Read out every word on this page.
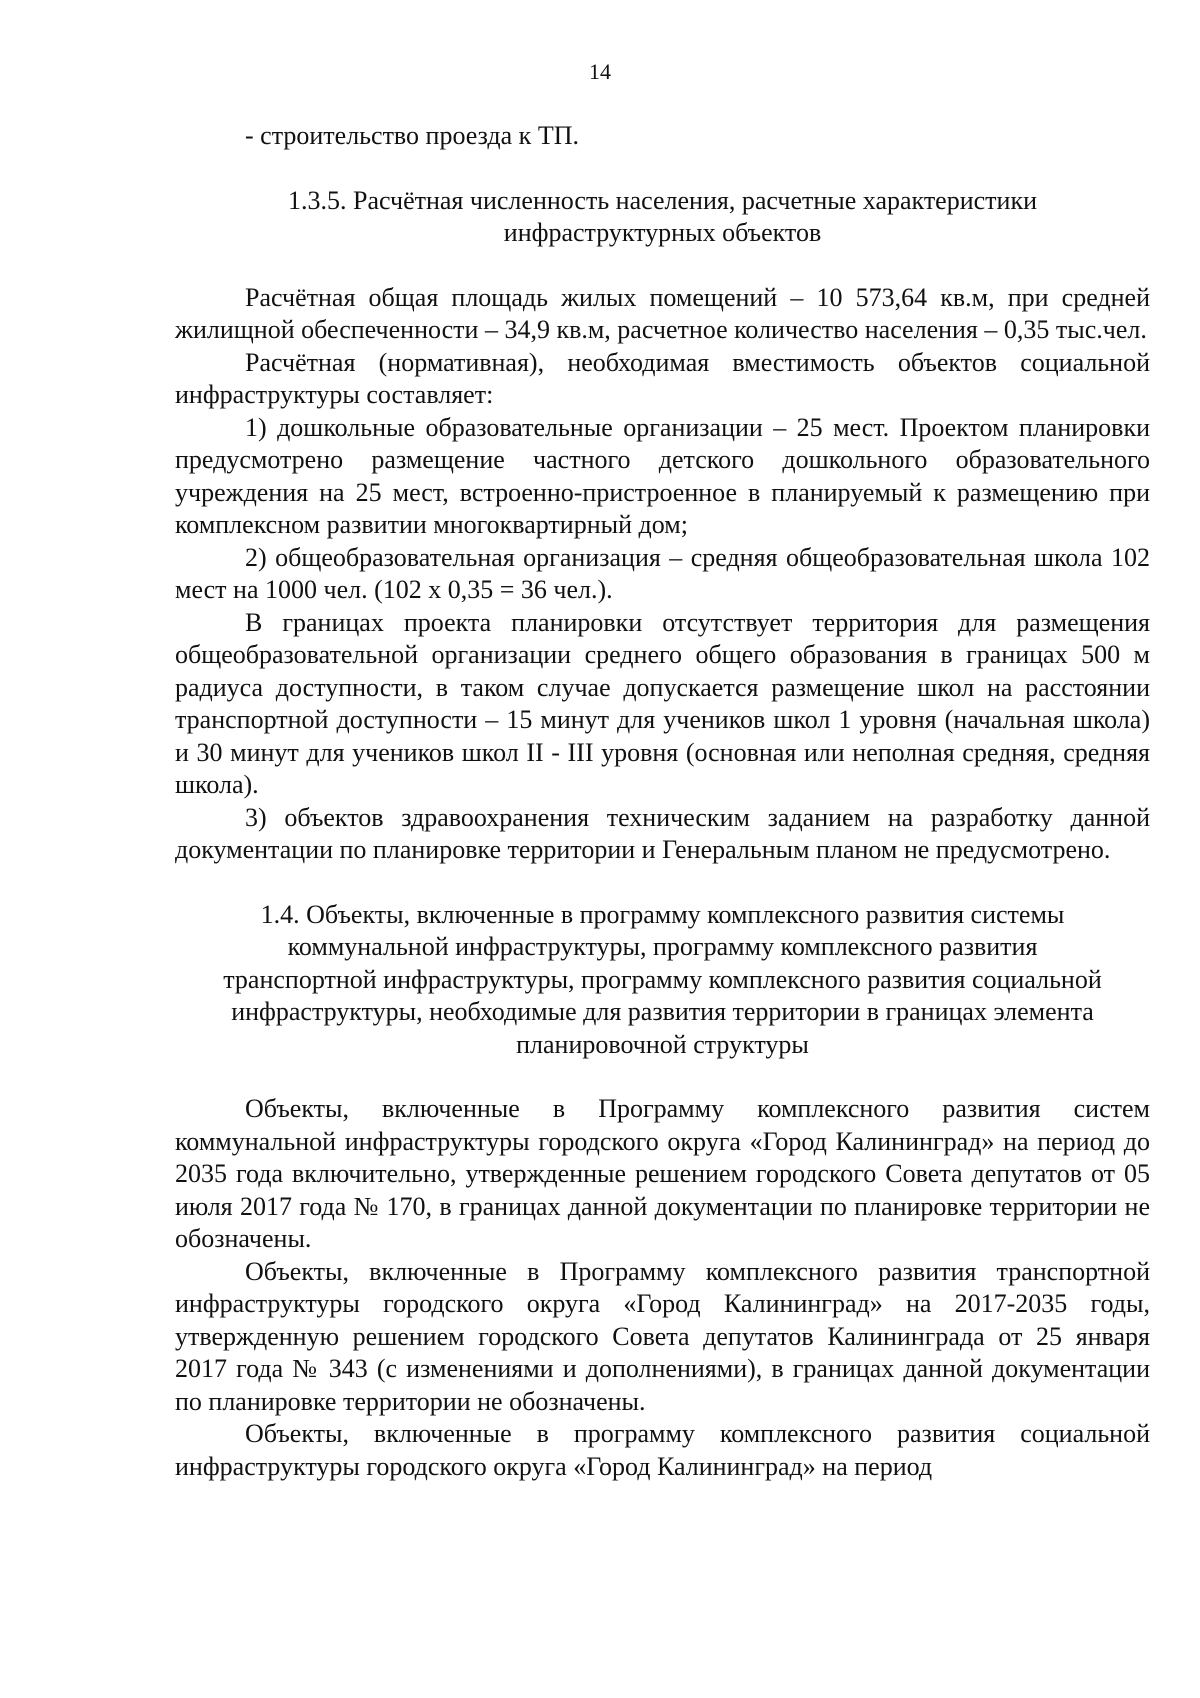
14

- строительство проезда к ТП.

1.3.5. Расчётная численность населения, расчетные характеристики

инфраструктурных объектов

Расчётная общая площадь жилых помещений – 10 573,64 кв.м, при средней жилищной обеспеченности – 34,9 кв.м, расчетное количество населения – 0,35 тыс.чел.

Расчётная (нормативная), необходимая вместимость объектов социальной инфраструктуры составляет:

1) дошкольные образовательные организации – 25 мест. Проектом планировки предусмотрено размещение частного детского дошкольного образовательного учреждения на 25 мест, встроенно-пристроенное в планируемый к размещению при комплексном развитии многоквартирный дом;

2) общеобразовательная организация – средняя общеобразовательная школа 102 мест на 1000 чел. (102 х 0,35 = 36 чел.).

В границах проекта планировки отсутствует территория для размещения общеобразовательной организации среднего общего образования в границах 500 м радиуса доступности, в таком случае допускается размещение школ на расстоянии транспортной доступности – 15 минут для учеников школ 1 уровня (начальная школа) и 30 минут для учеников школ II - III уровня (основная или неполная средняя, средняя школа).

3) объектов здравоохранения техническим заданием на разработку данной документации по планировке территории и Генеральным планом не предусмотрено.

1.4. Объекты, включенные в программу комплексного развития системы

коммунальной инфраструктуры, программу комплексного развития

транспортной инфраструктуры, программу комплексного развития социальной

инфраструктуры, необходимые для развития территории в границах элемента

планировочной структуры

Объекты, включенные в Программу комплексного развития систем коммунальной инфраструктуры городского округа «Город Калининград» на период до 2035 года включительно, утвержденные решением городского Совета депутатов от 05 июля 2017 года № 170, в границах данной документации по планировке территории не обозначены.

Объекты, включенные в Программу комплексного развития транспортной инфраструктуры городского округа «Город Калининград» на 2017-2035 годы, утвержденную решением городского Совета депутатов Калининграда от 25 января 2017 года № 343 (с изменениями и дополнениями), в границах данной документации по планировке территории не обозначены.

Объекты, включенные в программу комплексного развития социальной инфраструктуры городского округа «Город Калининград» на период
